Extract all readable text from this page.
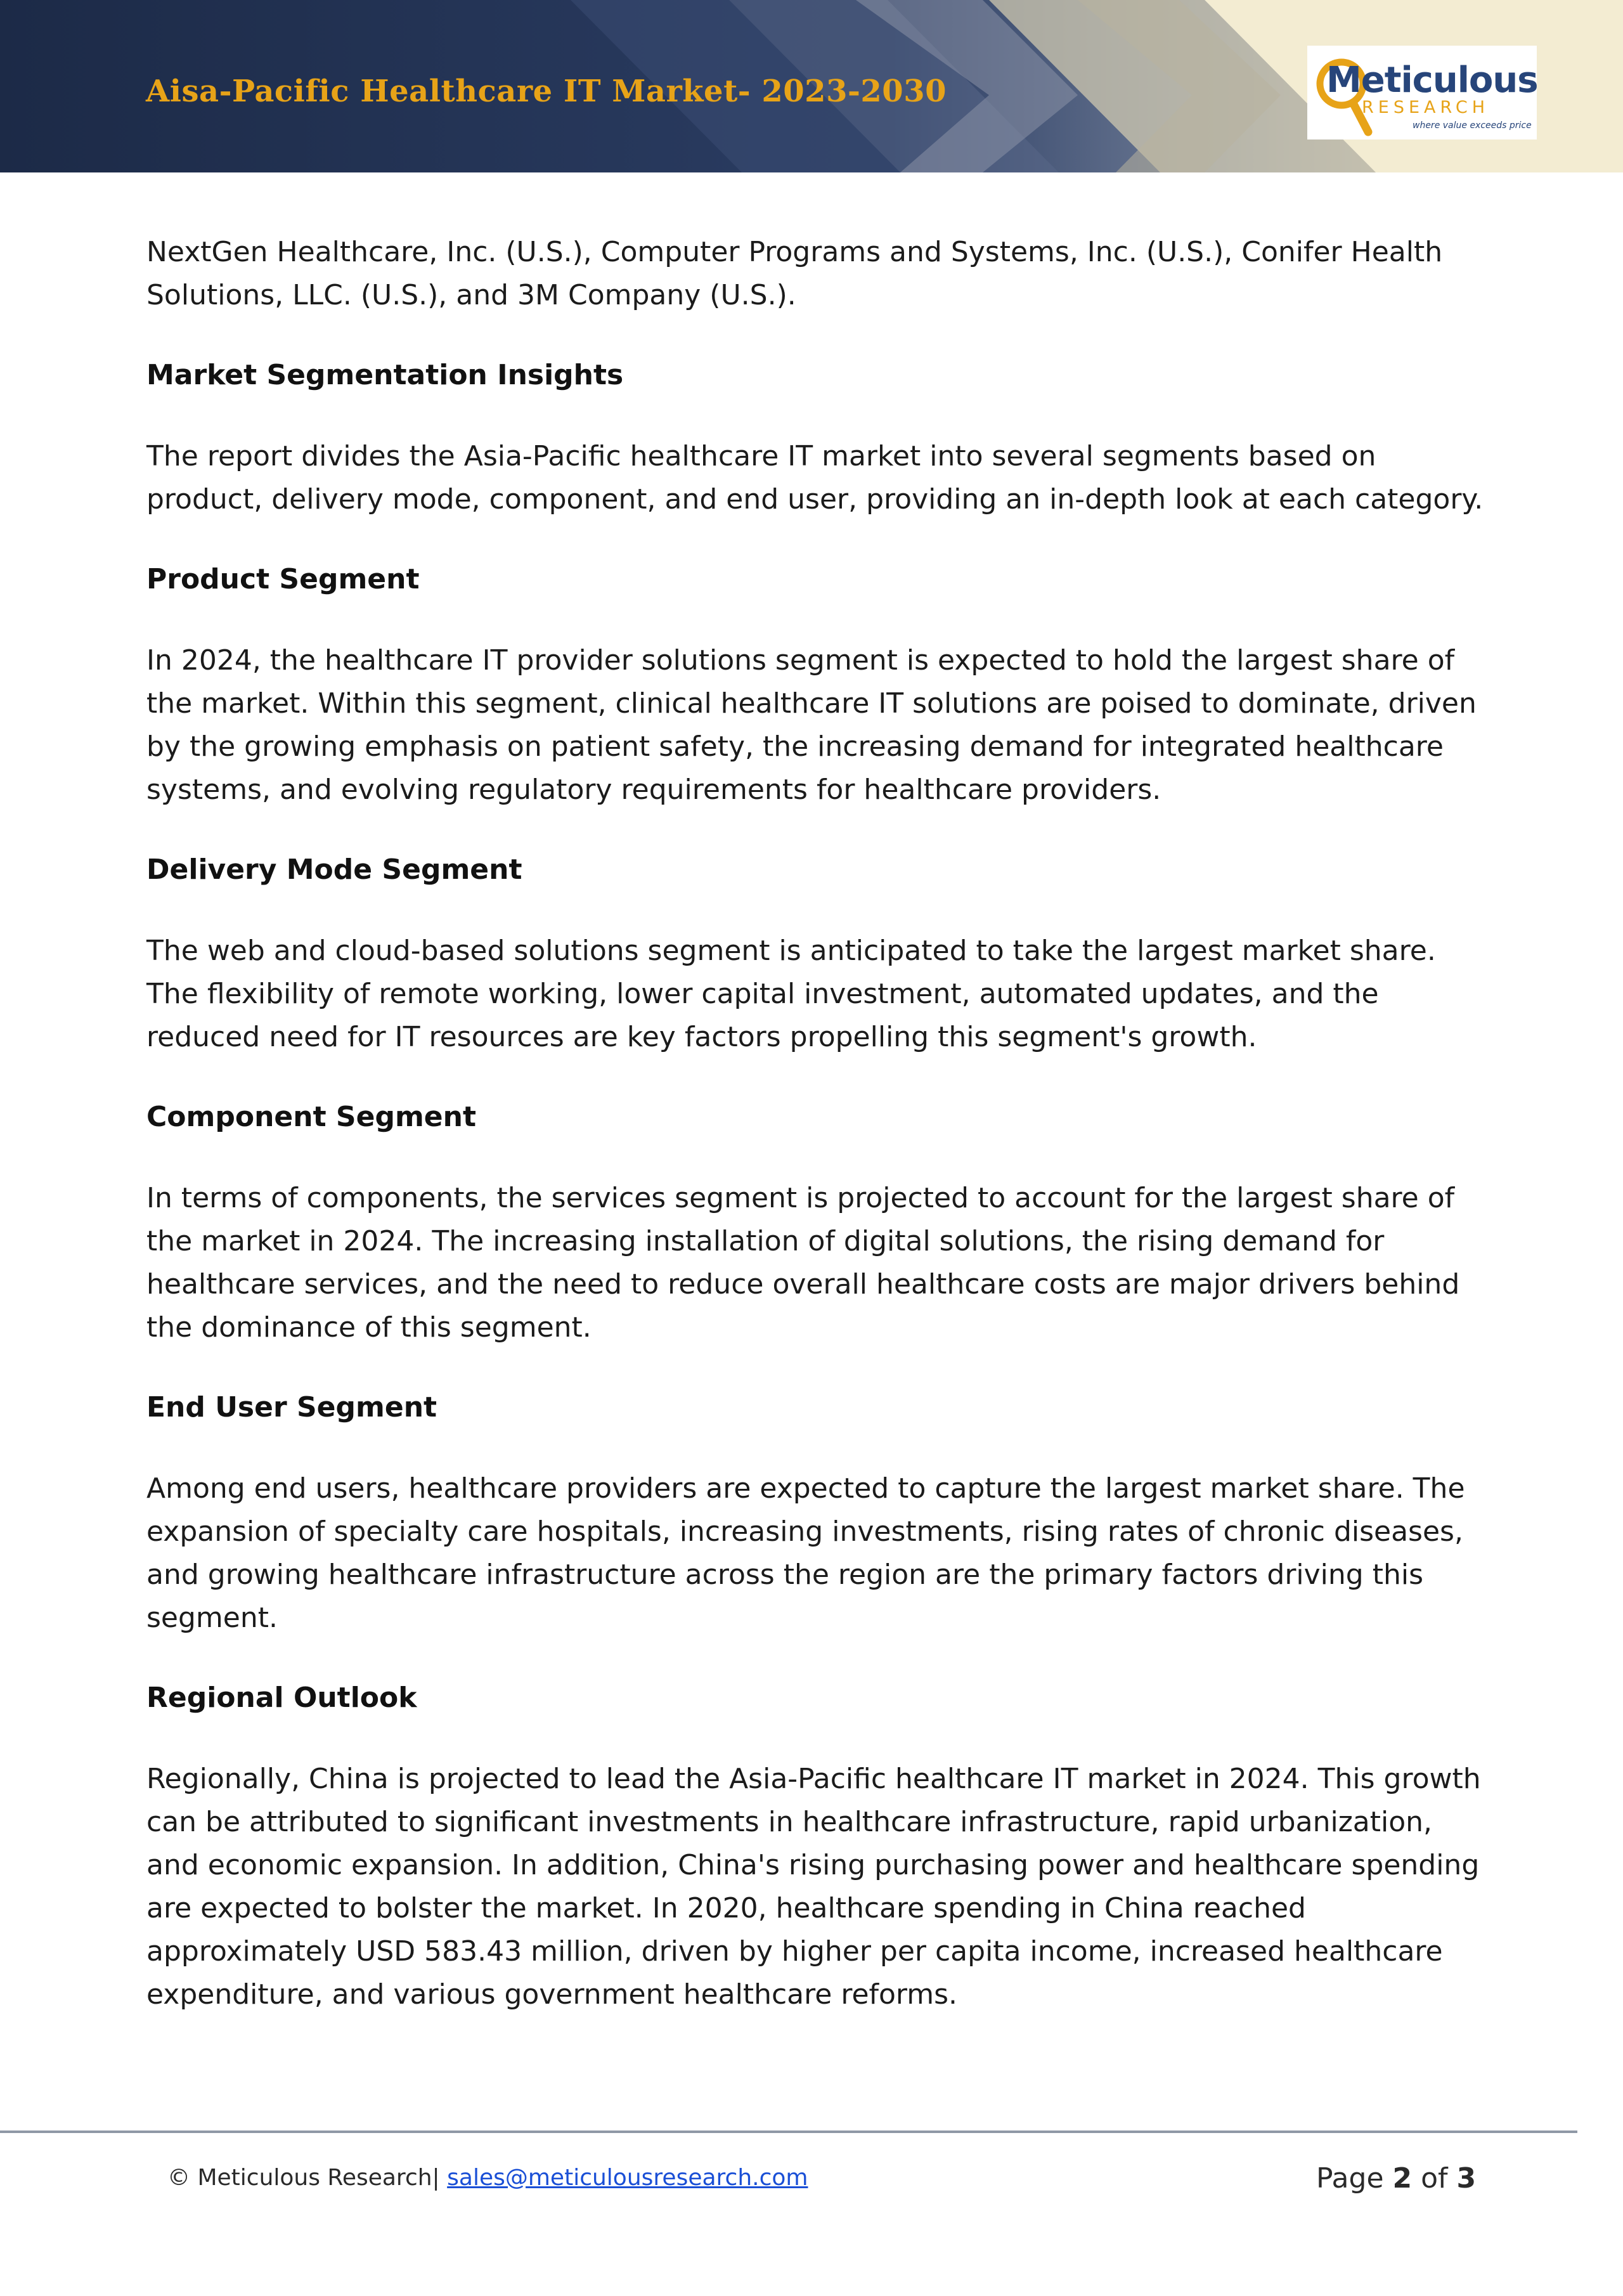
Aisa-Pacific Healthcare IT Market- 2023-2030	Meticulous
RESEARCH
where value exceeds price

NextGen Healthcare, Inc. (U.S.), Computer Programs and Systems, Inc. (U.S.), Conifer Health Solutions, LLC. (U.S.), and 3M Company (U.S.).

Market Segmentation Insights

The report divides the Asia-Pacific healthcare IT market into several segments based on product, delivery mode, component, and end user, providing an in-depth look at each category.

Product Segment

In 2024, the healthcare IT provider solutions segment is expected to hold the largest share of the market. Within this segment, clinical healthcare IT solutions are poised to dominate, driven by the growing emphasis on patient safety, the increasing demand for integrated healthcare systems, and evolving regulatory requirements for healthcare providers.

Delivery Mode Segment

The web and cloud-based solutions segment is anticipated to take the largest market share. The flexibility of remote working, lower capital investment, automated updates, and the reduced need for IT resources are key factors propelling this segment's growth.

Component Segment

In terms of components, the services segment is projected to account for the largest share of the market in 2024. The increasing installation of digital solutions, the rising demand for healthcare services, and the need to reduce overall healthcare costs are major drivers behind the dominance of this segment.

End User Segment

Among end users, healthcare providers are expected to capture the largest market share. The expansion of specialty care hospitals, increasing investments, rising rates of chronic diseases, and growing healthcare infrastructure across the region are the primary factors driving this segment.

Regional Outlook

Regionally, China is projected to lead the Asia-Pacific healthcare IT market in 2024. This growth can be attributed to significant investments in healthcare infrastructure, rapid urbanization, and economic expansion. In addition, China's rising purchasing power and healthcare spending are expected to bolster the market. In 2020, healthcare spending in China reached approximately USD 583.43 million, driven by higher per capita income, increased healthcare expenditure, and various government healthcare reforms.

© Meticulous Research| sales@meticulousresearch.com	Page 2 of 3
